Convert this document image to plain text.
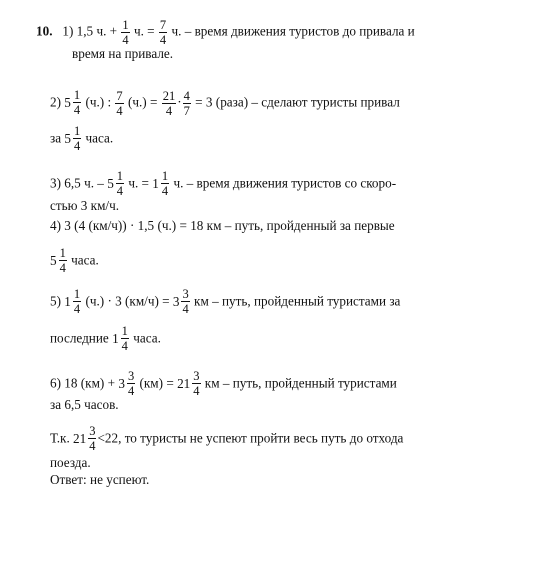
10. 1) 1,5 ч. + $\frac{1}{4} ч$. = $\frac{7}{4} ч$. – время движения туристов до привала и
время на привале.
2) $5 \frac{1}{4} (ч.)$ : $\frac{7}{4} (ч.) = \frac{21}{4} \cdot \frac{4}{7} = 3$ (раза) – сделают туристы привал
за $5 \frac{1}{4}$ часа.
3) 6,5 ч. – $5 \frac{1}{4} ч$. = $1 \frac{1}{4} ч$. – время движения туристов со скоро-
стью 3 км/ч.
4) 3 (4 (км/ч)) · 1,5 (ч.) = 18 км – путь, пройденный за первые
$5 \frac{1}{4}$ часа.
5) $1 \frac{1}{4} (ч.) \cdot 3$ $(км/ч) = 3 \frac{3}{4}$ км – путь, пройденный туристами за
последние $1 \frac{1}{4}$ часа.
6) 18 $(км) + 3 \frac{3}{4} (км) = 21 \frac{3}{4}$ км – путь, пройденный туристами
за 6,5 часов.
Т.к. $21 \frac{3}{4} <22$, то туристы не успеют пройти весь путь до отхода
поезда.
Ответ: не успеют.
